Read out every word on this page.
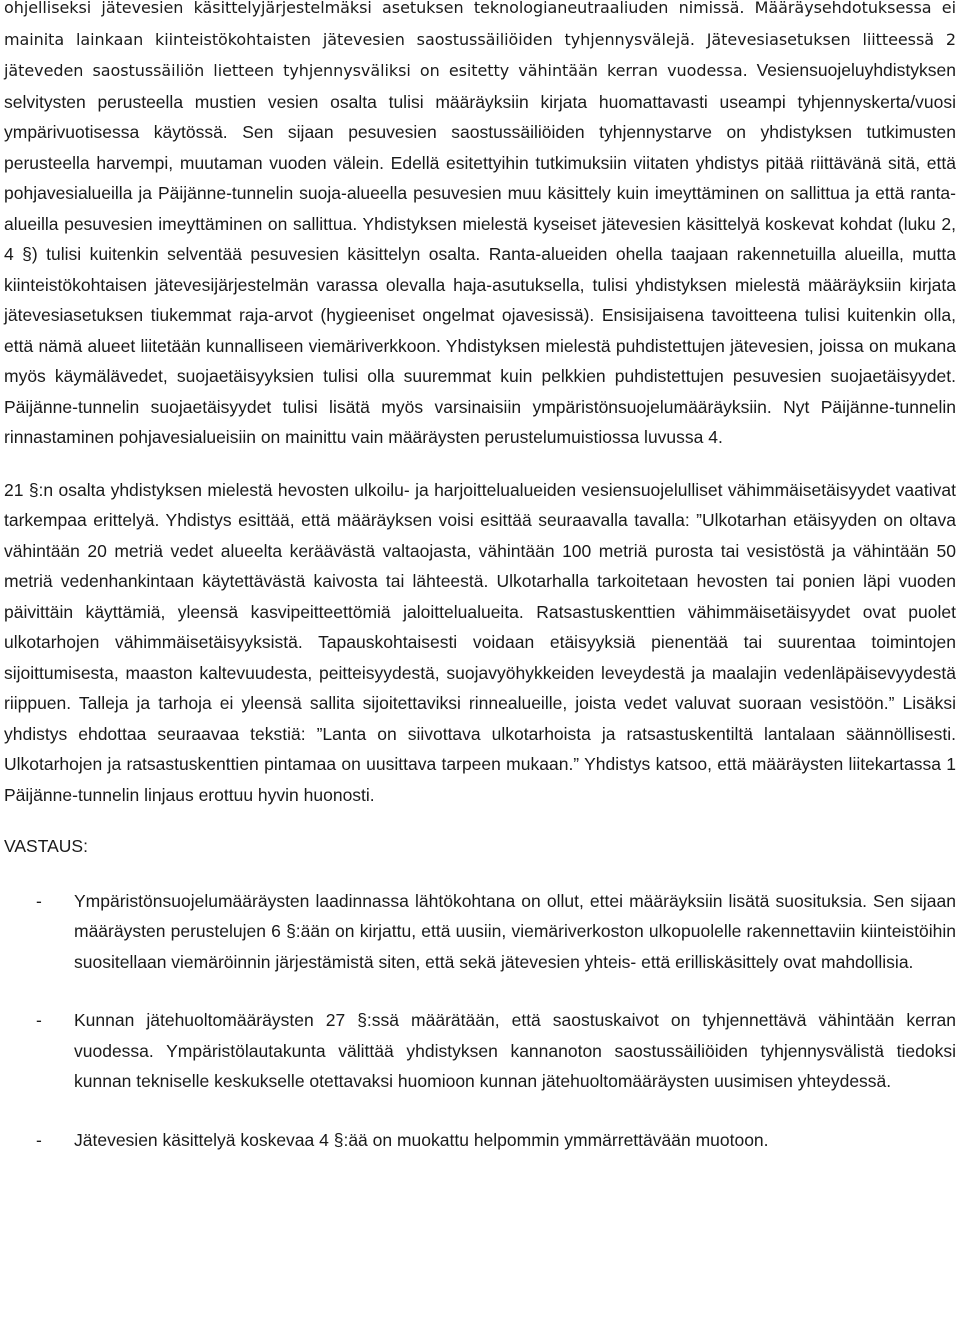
ohjelliseksi jätevesien käsittelyjärjestelmäksi asetuksen teknologianeutraaliuden nimissä. Määräysehdotuksessa ei mainita lainkaan kiinteistökohtaisten jätevesien saostussäiliöiden tyhjennysvälejä. Jätevesiasetuksen liitteessä 2 jäteveden saostussäiliön lietteen tyhjennysväliksi on esitetty vähintään kerran vuodessa. Vesiensuojeluyhdistyksen selvitysten perusteella mustien vesien osalta tulisi määräyksiin kirjata huomattavasti useampi tyhjennyskerta/vuosi ympärivuotisessa käytössä. Sen sijaan pesuvesien saostussäiliöiden tyhjennystarve on yhdistyksen tutkimusten perusteella harvempi, muutaman vuoden välein. Edellä esitettyihin tutkimuksiin viitaten yhdistys pitää riittävänä sitä, että pohjavesialueilla ja Päijänne-tunnelin suoja-alueella pesuvesien muu käsittely kuin imeyttäminen on sallittua ja että ranta-alueilla pesuvesien imeyttäminen on sallittua. Yhdistyksen mielestä kyseiset jätevesien käsittelyä koskevat kohdat (luku 2, 4 §) tulisi kuitenkin selventää pesuvesien käsittelyn osalta. Ranta-alueiden ohella taajaan rakennetuilla alueilla, mutta kiinteistökohtaisen jätevesijärjestelmän varassa olevalla haja-asutuksella, tulisi yhdistyksen mielestä määräyksiin kirjata jätevesiasetuksen tiukemmat raja-arvot (hygieeniset ongelmat ojavesissä). Ensisijaisena tavoitteena tulisi kuitenkin olla, että nämä alueet liitetään kunnalliseen viemäriverkkoon. Yhdistyksen mielestä puhdistettujen jätevesien, joissa on mukana myös käymälävedet, suojaetäisyyksien tulisi olla suuremmat kuin pelkkien puhdistettujen pesuvesien suojaetäisyydet. Päijänne-tunnelin suojaetäisyydet tulisi lisätä myös varsinaisiin ympäristönsuojelumääräyksiin. Nyt Päijänne-tunnelin rinnastaminen pohjavesialueisiin on mainittu vain määräysten perustelumuistiossa luvussa 4.

21 §:n osalta yhdistyksen mielestä hevosten ulkoilu- ja harjoittelualueiden vesiensuojelulliset vähimmäisetäisyydet vaativat tarkempaa erittelyä. Yhdistys esittää, että määräyksen voisi esittää seuraavalla tavalla: ”Ulkotarhan etäisyyden on oltava vähintään 20 metriä vedet alueelta keräävästä valtaojasta, vähintään 100 metriä purosta tai vesistöstä ja vähintään 50 metriä vedenhankintaan käytettävästä kaivosta tai lähteestä. Ulkotarhalla tarkoitetaan hevosten tai ponien läpi vuoden päivittäin käyttämiä, yleensä kasvipeitteettömiä jaloittelualueita. Ratsastuskenttien vähimmäisetäisyydet ovat puolet ulkotarhojen vähimmäisetäisyyksistä. Tapauskohtaisesti voidaan etäisyyksiä pienentää tai suurentaa toimintojen sijoittumisesta, maaston kaltevuudesta, peitteisyydestä, suojavyöhykkeiden leveydestä ja maalajin vedenläpäisevyydestä riippuen. Talleja ja tarhoja ei yleensä sallita sijoitettaviksi rinnealueille, joista vedet valuvat suoraan vesistöön.” Lisäksi yhdistys ehdottaa seuraavaa tekstiä: ”Lanta on siivottava ulkotarhoista ja ratsastuskentiltä lantalaan säännöllisesti. Ulkotarhojen ja ratsastuskenttien pintamaa on uusittava tarpeen mukaan.” Yhdistys katsoo, että määräysten liitekartassa 1 Päijänne-tunnelin linjaus erottuu hyvin huonosti.

VASTAUS:

- Ympäristönsuojelumääräysten laadinnassa lähtökohtana on ollut, ettei määräyksiin lisätä suosituksia. Sen sijaan määräysten perustelujen 6 §:ään on kirjattu, että uusiin, viemäriverkoston ulkopuolelle rakennettaviin kiinteistöihin suositellaan viemäröinnin järjestämistä siten, että sekä jätevesien yhteis- että erilliskäsittely ovat mahdollisia.
- Kunnan jätehuoltomääräysten 27 §:ssä määrätään, että saostuskaivot on tyhjennettävä vähintään kerran vuodessa. Ympäristölautakunta välittää yhdistyksen kannanoton saostussäiliöiden tyhjennysvälistä tiedoksi kunnan tekniselle keskukselle otettavaksi huomioon kunnan jätehuoltomääräysten uusimisen yhteydessä.
- Jätevesien käsittelyä koskevaa 4 §:ää on muokattu helpommin ymmärrettävään muotoon.
